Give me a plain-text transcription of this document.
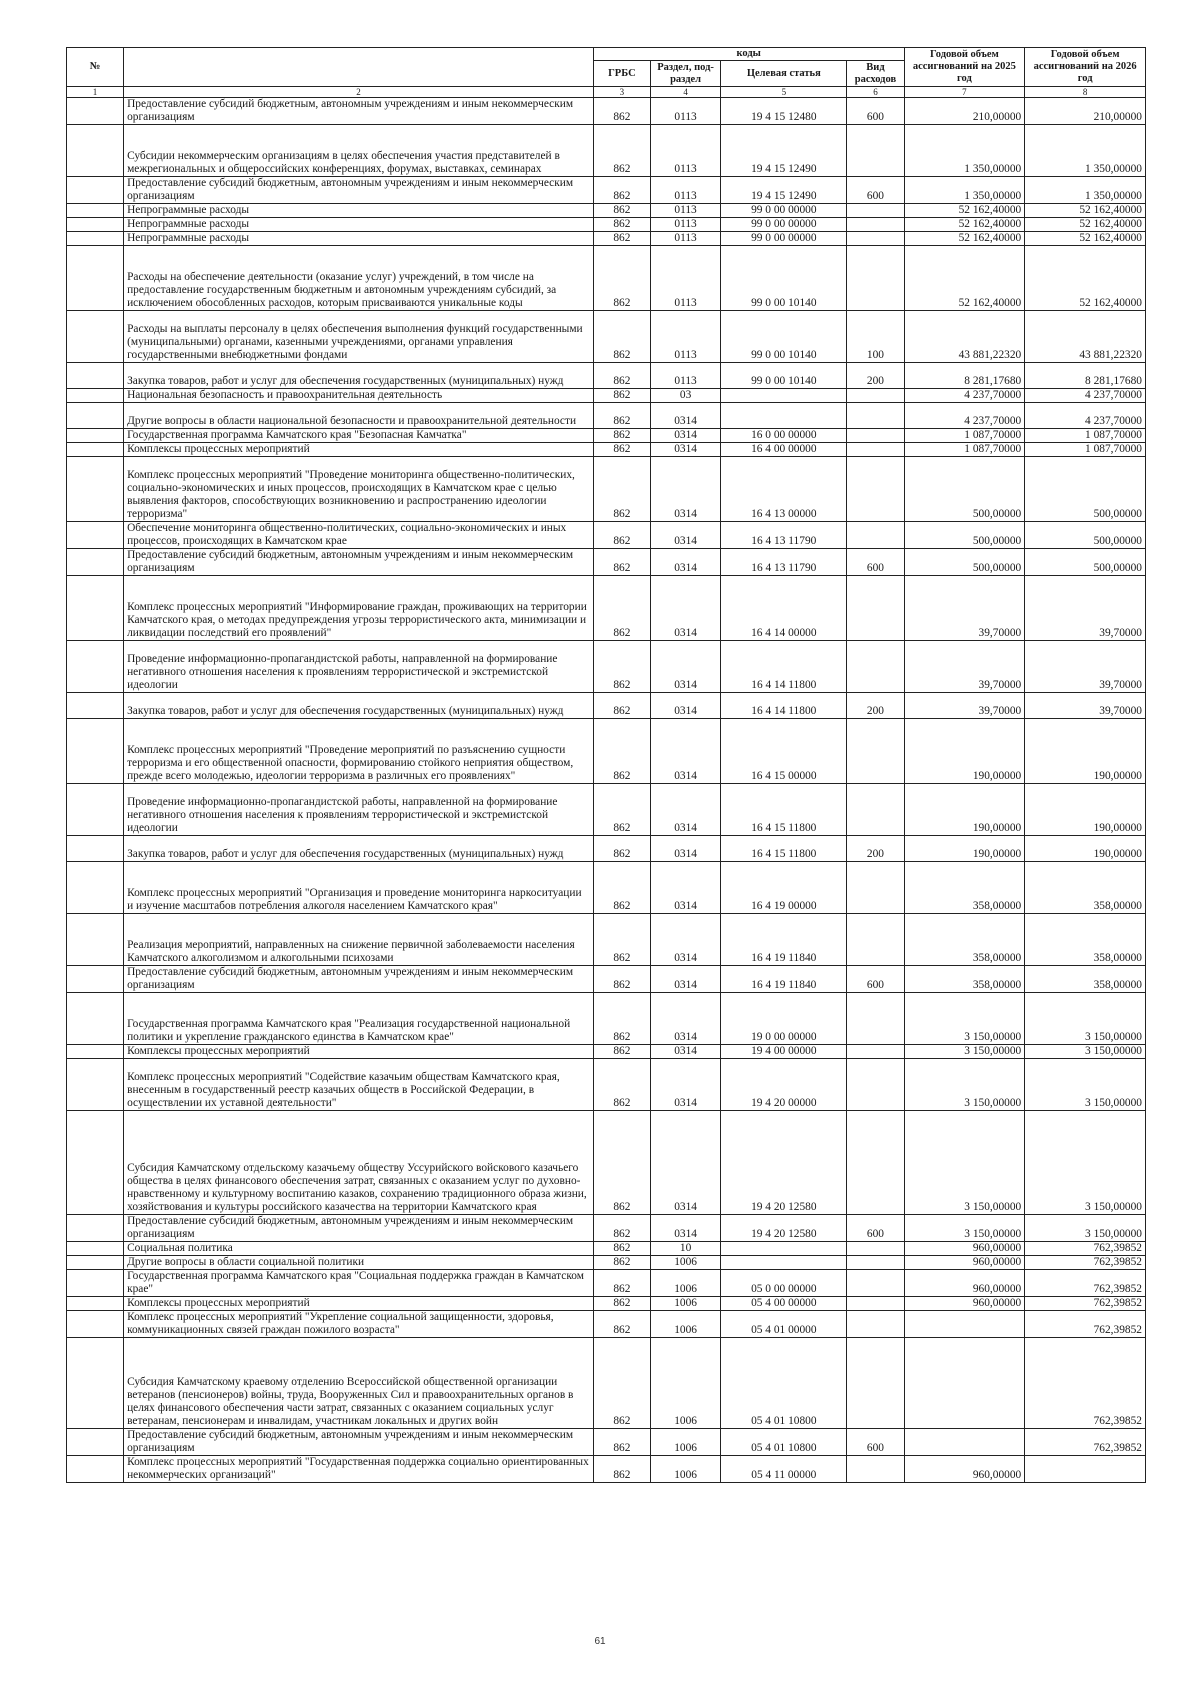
№		коды				Годовой объем ассигнований на 2025 год	Годовой объем ассигнований на 2026 год
		ГРБС	Раздел, под-раздел	Целевая статья	Вид расходов		
1	2	3	4	5	6	7	8
	Предоставление субсидий бюджетным, автономным учреждениям и иным некоммерческим организациям	862	0113	19 4 15 12480	600	210,00000	210,00000
	Субсидии некоммерческим организациям в целях обеспечения участия представителей в межрегиональных и общероссийских конференциях, форумах, выставках, семинарах	862	0113	19 4 15 12490		1 350,00000	1 350,00000
	Предоставление субсидий бюджетным, автономным учреждениям и иным некоммерческим организациям	862	0113	19 4 15 12490	600	1 350,00000	1 350,00000
	Непрограммные расходы	862	0113	99 0 00 00000		52 162,40000	52 162,40000
	Непрограммные расходы	862	0113	99 0 00 00000		52 162,40000	52 162,40000
	Непрограммные расходы	862	0113	99 0 00 00000		52 162,40000	52 162,40000
	Расходы на обеспечение деятельности (оказание услуг) учреждений, в том числе на предоставление государственным бюджетным и автономным учреждениям субсидий, за исключением обособленных расходов, которым присваиваются уникальные коды	862	0113	99 0 00 10140		52 162,40000	52 162,40000
	Расходы на выплаты персоналу в целях обеспечения выполнения функций государственными (муниципальными) органами, казенными учреждениями, органами управления государственными внебюджетными фондами	862	0113	99 0 00 10140	100	43 881,22320	43 881,22320
	Закупка товаров, работ и услуг для обеспечения государственных (муниципальных) нужд	862	0113	99 0 00 10140	200	8 281,17680	8 281,17680
	Национальная безопасность и правоохранительная деятельность	862	03			4 237,70000	4 237,70000
	Другие вопросы в области национальной безопасности и правоохранительной деятельности	862	0314			4 237,70000	4 237,70000
	Государственная программа Камчатского края "Безопасная Камчатка"	862	0314	16 0 00 00000		1 087,70000	1 087,70000
	Комплексы процессных мероприятий	862	0314	16 4 00 00000		1 087,70000	1 087,70000
	Комплекс процессных мероприятий "Проведение мониторинга общественно-политических, социально-экономических и иных процессов, происходящих в Камчатском крае с целью выявления факторов, способствующих возникновению и распространению идеологии терроризма"	862	0314	16 4 13 00000		500,00000	500,00000
	Обеспечение мониторинга общественно-политических, социально-экономических и иных процессов, происходящих в Камчатском крае	862	0314	16 4 13 11790		500,00000	500,00000
	Предоставление субсидий бюджетным, автономным учреждениям и иным некоммерческим организациям	862	0314	16 4 13 11790	600	500,00000	500,00000
	Комплекс процессных мероприятий "Информирование граждан, проживающих на территории Камчатского края, о методах предупреждения угрозы террористического акта, минимизации и ликвидации последствий его проявлений"	862	0314	16 4 14 00000		39,70000	39,70000
	Проведение информационно-пропагандистской работы, направленной на формирование негативного отношения населения к проявлениям террористической и экстремистской идеологии	862	0314	16 4 14 11800		39,70000	39,70000
	Закупка товаров, работ и услуг для обеспечения государственных (муниципальных) нужд	862	0314	16 4 14 11800	200	39,70000	39,70000
	Комплекс процессных мероприятий "Проведение мероприятий по разъяснению сущности терроризма и его общественной опасности, формированию стойкого неприятия обществом, прежде всего молодежью, идеологии терроризма в различных его проявлениях"	862	0314	16 4 15 00000		190,00000	190,00000
	Проведение информационно-пропагандистской работы, направленной на формирование негативного отношения населения к проявлениям террористической и экстремистской идеологии	862	0314	16 4 15 11800		190,00000	190,00000
	Закупка товаров, работ и услуг для обеспечения государственных (муниципальных) нужд	862	0314	16 4 15 11800	200	190,00000	190,00000
	Комплекс процессных мероприятий "Организация и проведение мониторинга наркоситуации и изучение масштабов потребления алкоголя населением Камчатского края"	862	0314	16 4 19 00000		358,00000	358,00000
	Реализация мероприятий, направленных на снижение первичной заболеваемости населения Камчатского алкоголизмом и алкогольными психозами	862	0314	16 4 19 11840		358,00000	358,00000
	Предоставление субсидий бюджетным, автономным учреждениям и иным некоммерческим организациям	862	0314	16 4 19 11840	600	358,00000	358,00000
	Государственная программа Камчатского края "Реализация государственной национальной политики и укрепление гражданского единства в Камчатском крае"	862	0314	19 0 00 00000		3 150,00000	3 150,00000
	Комплексы процессных мероприятий	862	0314	19 4 00 00000		3 150,00000	3 150,00000
	Комплекс процессных мероприятий "Содействие казачьим обществам Камчатского края, внесенным в государственный реестр казачьих обществ в Российской Федерации, в осуществлении их уставной деятельности"	862	0314	19 4 20 00000		3 150,00000	3 150,00000
	Субсидия Камчатскому отдельскому казачьему обществу Уссурийского войскового казачьего общества в целях финансового обеспечения затрат, связанных с оказанием услуг по духовно-нравственному и культурному воспитанию казаков, сохранению традиционного образа жизни, хозяйствования и культуры российского казачества на территории Камчатского края	862	0314	19 4 20 12580		3 150,00000	3 150,00000
	Предоставление субсидий бюджетным, автономным учреждениям и иным некоммерческим организациям	862	0314	19 4 20 12580	600	3 150,00000	3 150,00000
	Социальная политика	862	10			960,00000	762,39852
	Другие вопросы в области социальной политики	862	1006			960,00000	762,39852
	Государственная программа Камчатского края "Социальная поддержка граждан в Камчатском крае"	862	1006	05 0 00 00000		960,00000	762,39852
	Комплексы процессных мероприятий	862	1006	05 4 00 00000		960,00000	762,39852
	Комплекс процессных мероприятий "Укрепление социальной защищенности, здоровья, коммуникационных связей граждан пожилого возраста"	862	1006	05 4 01 00000			762,39852
	Субсидия Камчатскому краевому отделению Всероссийской общественной организации ветеранов (пенсионеров) войны, труда, Вооруженных Сил и правоохранительных органов в целях финансового обеспечения части затрат, связанных с оказанием социальных услуг ветеранам, пенсионерам и инвалидам, участникам локальных и других войн	862	1006	05 4 01 10800			762,39852
	Предоставление субсидий бюджетным, автономным учреждениям и иным некоммерческим организациям	862	1006	05 4 01 10800	600		762,39852
	Комплекс процессных мероприятий "Государственная поддержка социально ориентированных некоммерческих организаций"	862	1006	05 4 11 00000		960,00000	
61
